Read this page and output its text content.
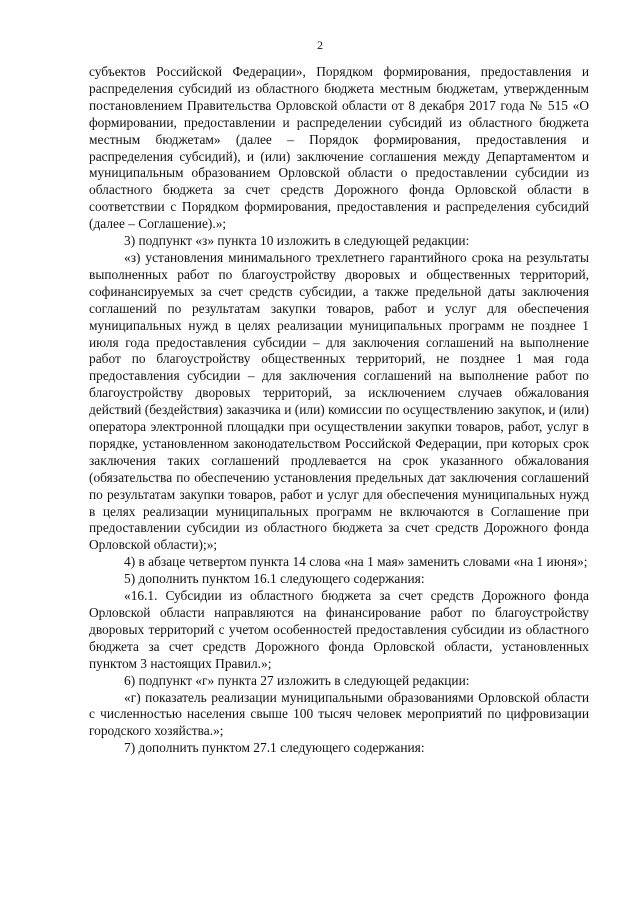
2

субъектов Российской Федерации», Порядком формирования, предоставления и распределения субсидий из областного бюджета местным бюджетам, утвержденным постановлением Правительства Орловской области от 8 декабря 2017 года № 515 «О формировании, предоставлении и распределении субсидий из областного бюджета местным бюджетам» (далее – Порядок формирования, предоставления и распределения субсидий), и (или) заключение соглашения между Департаментом и муниципальным образованием Орловской области о предоставлении субсидии из областного бюджета за счет средств Дорожного фонда Орловской области в соответствии с Порядком формирования, предоставления и распределения субсидий (далее – Соглашение).»;

3) подпункт «з» пункта 10 изложить в следующей редакции:

«з) установления минимального трехлетнего гарантийного срока на результаты выполненных работ по благоустройству дворовых и общественных территорий, софинансируемых за счет средств субсидии, а также предельной даты заключения соглашений по результатам закупки товаров, работ и услуг для обеспечения муниципальных нужд в целях реализации муниципальных программ не позднее 1 июля года предоставления субсидии – для заключения соглашений на выполнение работ по благоустройству общественных территорий, не позднее 1 мая года предоставления субсидии – для заключения соглашений на выполнение работ по благоустройству дворовых территорий, за исключением случаев обжалования действий (бездействия) заказчика и (или) комиссии по осуществлению закупок, и (или) оператора электронной площадки при осуществлении закупки товаров, работ, услуг в порядке, установленном законодательством Российской Федерации, при которых срок заключения таких соглашений продлевается на срок указанного обжалования (обязательства по обеспечению установления предельных дат заключения соглашений по результатам закупки товаров, работ и услуг для обеспечения муниципальных нужд в целях реализации муниципальных программ не включаются в Соглашение при предоставлении субсидии из областного бюджета за счет средств Дорожного фонда Орловской области);»;

4) в абзаце четвертом пункта 14 слова «на 1 мая» заменить словами «на 1 июня»;

5) дополнить пунктом 16.1 следующего содержания:

«16.1. Субсидии из областного бюджета за счет средств Дорожного фонда Орловской области направляются на финансирование работ по благоустройству дворовых территорий с учетом особенностей предоставления субсидии из областного бюджета за счет средств Дорожного фонда Орловской области, установленных пунктом 3 настоящих Правил.»;

6) подпункт «г» пункта 27 изложить в следующей редакции:

«г) показатель реализации муниципальными образованиями Орловской области с численностью населения свыше 100 тысяч человек мероприятий по цифровизации городского хозяйства.»;

7) дополнить пунктом 27.1 следующего содержания:
